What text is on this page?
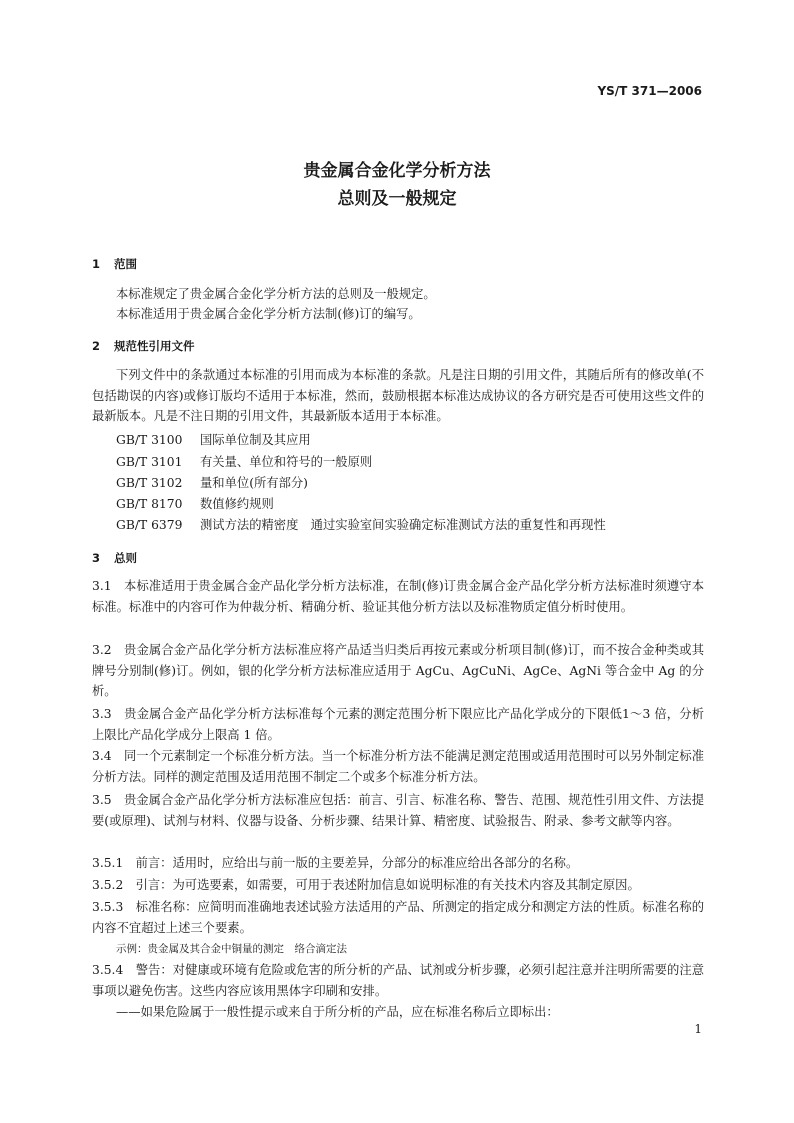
YS/T 371—2006
贵金属合金化学分析方法
总则及一般规定
1 范围
本标准规定了贵金属合金化学分析方法的总则及一般规定。
本标准适用于贵金属合金化学分析方法制(修)订的编写。
2 规范性引用文件
下列文件中的条款通过本标准的引用而成为本标准的条款。凡是注日期的引用文件，其随后所有的修改单(不包括勘误的内容)或修订版均不适用于本标准，然而，鼓励根据本标准达成协议的各方研究是否可使用这些文件的最新版本。凡是不注日期的引用文件，其最新版本适用于本标准。
GB/T 3100 国际单位制及其应用
GB/T 3101 有关量、单位和符号的一般原则
GB/T 3102 量和单位(所有部分)
GB/T 8170 数值修约规则
GB/T 6379 测试方法的精密度　通过实验室间实验确定标准测试方法的重复性和再现性
3 总则
3.1　本标准适用于贵金属合金产品化学分析方法标准，在制(修)订贵金属合金产品化学分析方法标准时须遵守本标准。标准中的内容可作为仲裁分析、精确分析、验证其他分析方法以及标准物质定值分析时使用。
3.2　贵金属合金产品化学分析方法标准应将产品适当归类后再按元素或分析项目制(修)订，而不按合金种类或其牌号分别制(修)订。例如，银的化学分析方法标准应适用于 AgCu、AgCuNi、AgCe、AgNi 等合金中 Ag 的分析。
3.3　贵金属合金产品化学分析方法标准每个元素的测定范围分析下限应比产品化学成分的下限低1～3 倍，分析上限比产品化学成分上限高 1 倍。
3.4　同一个元素制定一个标准分析方法。当一个标准分析方法不能满足测定范围或适用范围时可以另外制定标准分析方法。同样的测定范围及适用范围不制定二个或多个标准分析方法。
3.5　贵金属合金产品化学分析方法标准应包括：前言、引言、标准名称、警告、范围、规范性引用文件、方法提要(或原理)、试剂与材料、仪器与设备、分析步骤、结果计算、精密度、试验报告、附录、参考文献等内容。
3.5.1　前言：适用时，应给出与前一版的主要差异，分部分的标准应给出各部分的名称。
3.5.2　引言：为可选要素，如需要，可用于表述附加信息如说明标准的有关技术内容及其制定原因。
3.5.3　标准名称：应简明而准确地表述试验方法适用的产品、所测定的指定成分和测定方法的性质。标准名称的内容不宜超过上述三个要素。
示例：贵金属及其合金中铜量的测定　络合滴定法
3.5.4　警告：对健康或环境有危险或危害的所分析的产品、试剂或分析步骤，必须引起注意并注明所需要的注意事项以避免伤害。这些内容应该用黑体字印刷和安排。
——如果危险属于一般性提示或来自于所分析的产品，应在标准名称后立即标出：
1
